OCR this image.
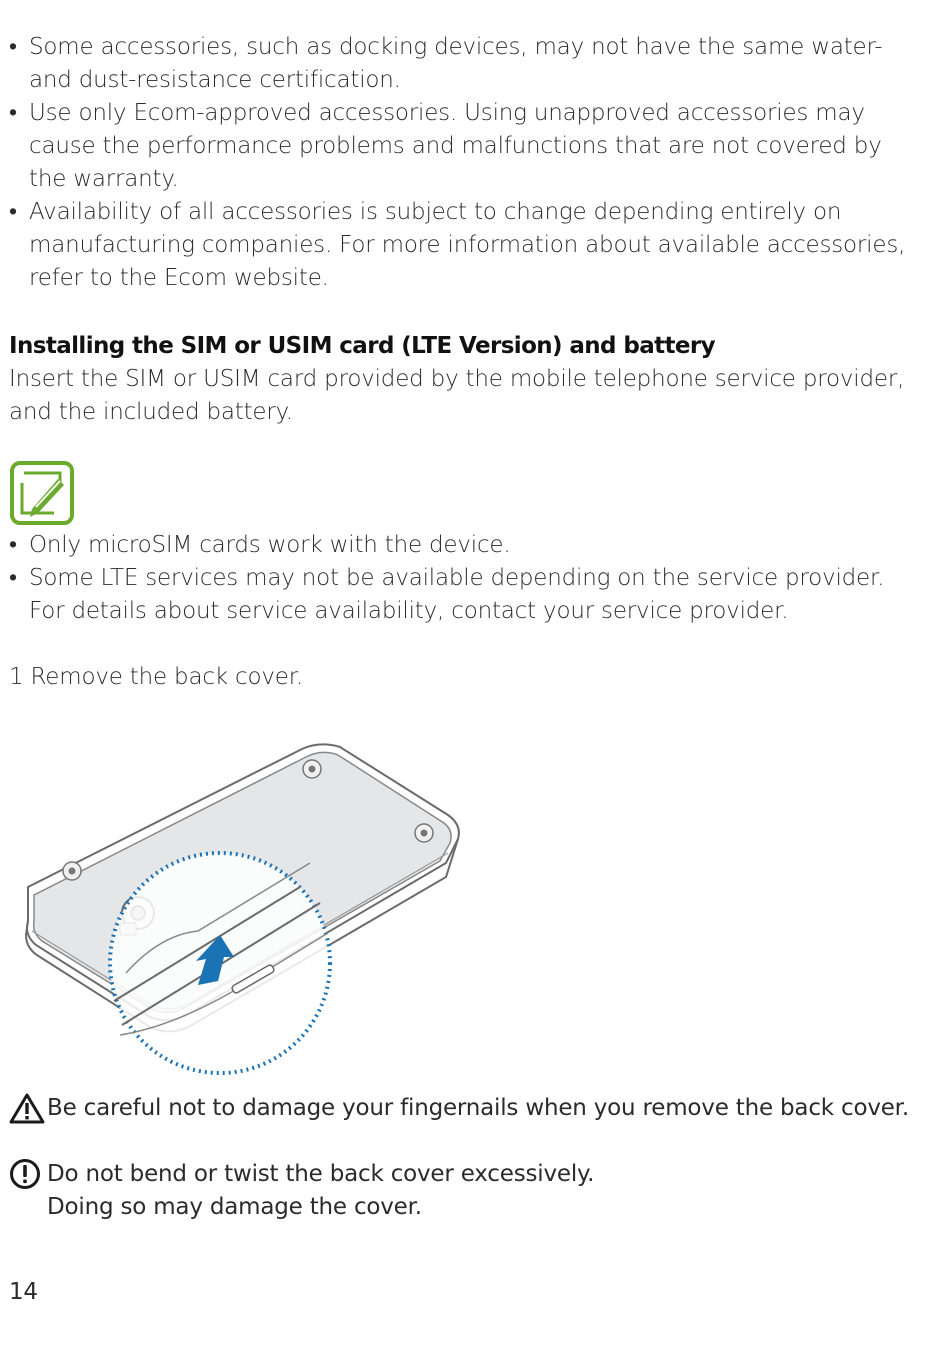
• Some accessories, such as docking devices, may not have the same water-
and dust-resistance certification.
• Use only Ecom-approved accessories. Using unapproved accessories may
cause the performance problems and malfunctions that are not covered by
the warranty.
• Availability of all accessories is subject to change depending entirely on
manufacturing companies. For more information about available accessories,
refer to the Ecom website.
Installing the SIM or USIM card (LTE Version) and battery
Insert the SIM or USIM card provided by the mobile telephone service provider,
and the included battery.
• Only microSIM cards work with the device.
• Some LTE services may not be available depending on the service provider.
For details about service availability, contact your service provider.
1 Remove the back cover.
Be careful not to damage your fingernails when you remove the back cover.
Do not bend or twist the back cover excessively.
Doing so may damage the cover.
14
